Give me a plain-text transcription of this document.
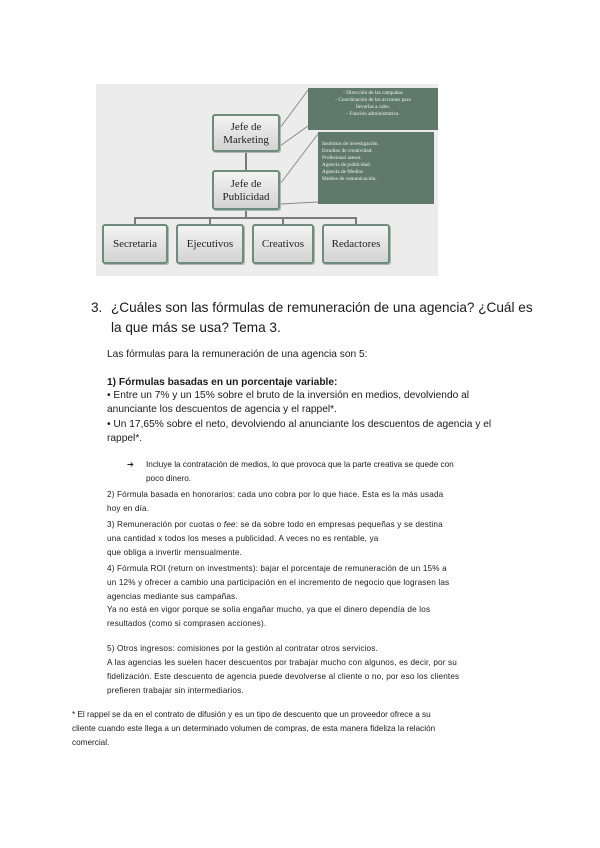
Jefe de
Marketing
Jefe de
Publicidad
Secretaria	Ejecutivos	Creativos	Redactores
- Dirección de las campañas
- Coordinación de las acciones para
llevarlas a cabo.
- Función administrativa.
Institutos de investigación.
Estudios de creatividad.
Profesional asesor.
Agencia de publicidad.
Agencia de Medios
Medios de comunicación.
3. ¿Cuáles son las fórmulas de remuneración de una agencia? ¿Cuál es
la que más se usa? Tema 3.
Las fórmulas para la remuneración de una agencia son 5:
1) Fórmulas basadas en un porcentaje variable:
• Entre un 7% y un 15% sobre el bruto de la inversión en medios, devolviendo al
anunciante los descuentos de agencia y el rappel*.
• Un 17,65% sobre el neto, devolviendo al anunciante los descuentos de agencia y el
rappel*.
➔ Incluye la contratación de medios, lo que provoca que la parte creativa se quede con
poco dinero.
2) Fórmula basada en honorarios: cada uno cobra por lo que hace. Esta es la más usada
hoy en día.
3) Remuneración por cuotas o fee: se da sobre todo en empresas pequeñas y se destina
una cantidad x todos los meses a publicidad. A veces no es rentable, ya
que obliga a invertir mensualmente.
4) Fórmula ROI (return on investments): bajar el porcentaje de remuneración de un 15% a
un 12% y ofrecer a cambio una participación en el incremento de negocio que lograsen las
agencias mediante sus campañas.
Ya no está en vigor porque se solía engañar mucho, ya que el dinero dependía de los
resultados (como si comprasen acciones).
5) Otros ingresos: comisiones por la gestión al contratar otros servicios.
A las agencias les suelen hacer descuentos por trabajar mucho con algunos, es decir, por su
fidelización. Este descuento de agencia puede devolverse al cliente o no, por eso los clientes
prefieren trabajar sin intermediarios.
* El rappel se da en el contrato de difusión y es un tipo de descuento que un proveedor ofrece a su
cliente cuando este llega a un determinado volumen de compras, de esta manera fideliza la relación
comercial.
